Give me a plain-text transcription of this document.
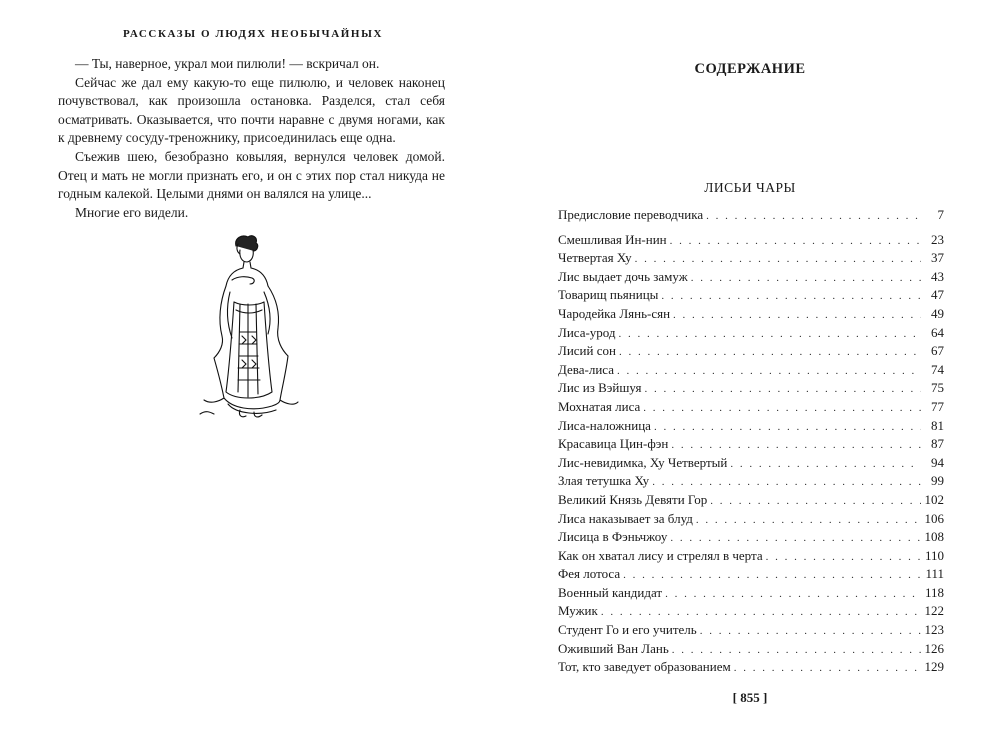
РАССКАЗЫ О ЛЮДЯХ НЕОБЫЧАЙНЫХ

— Ты, наверное, украл мои пилюли! — вскричал он.

Сейчас же дал ему какую-то еще пилюлю, и человек наконец почувствовал, как произошла остановка. Разделся, стал себя осматривать. Оказывается, что почти наравне с двумя ногами, как к древнему сосуду-треножнику, присоединилась еще одна.

Съежив шею, безобразно ковыляя, вернулся человек домой. Отец и мать не могли признать его, и он с этих пор стал никуда не годным калекой. Целыми днями он валялся на улице...

Многие его видели.

СОДЕРЖАНИЕ
ЛИСЬИ ЧАРЫ
Предисловие переводчика . . .	7
Смешливая Ин-нин . . .	23
Четвертая Ху . . .	37
Лис выдает дочь замуж . . .	43
Товарищ пьяницы . . .	47
Чародейка Лянь-сян . . .	49
Лиса-урод . . .	64
Лисий сон . . .	67
Дева-лиса . . .	74
Лис из Вэйшуя . . .	75
Мохнатая лиса . . .	77
Лиса-наложница . . .	81
Красавица Цин-фэн . . .	87
Лис-невидимка, Ху Четвертый . . .	94
Злая тетушка Ху . . .	99
Великий Князь Девяти Гор . . .	102
Лиса наказывает за блуд . . .	106
Лисица в Фэньчжоу . . .	108
Как он хватал лису и стрелял в черта . . .	110
Фея лотоса . . .	111
Военный кандидат . . .	118
Мужик . . .	122
Студент Го и его учитель . . .	123
Оживший Ван Лань . . .	126
Тот, кто заведует образованием . . .	129
[ 855 ]
